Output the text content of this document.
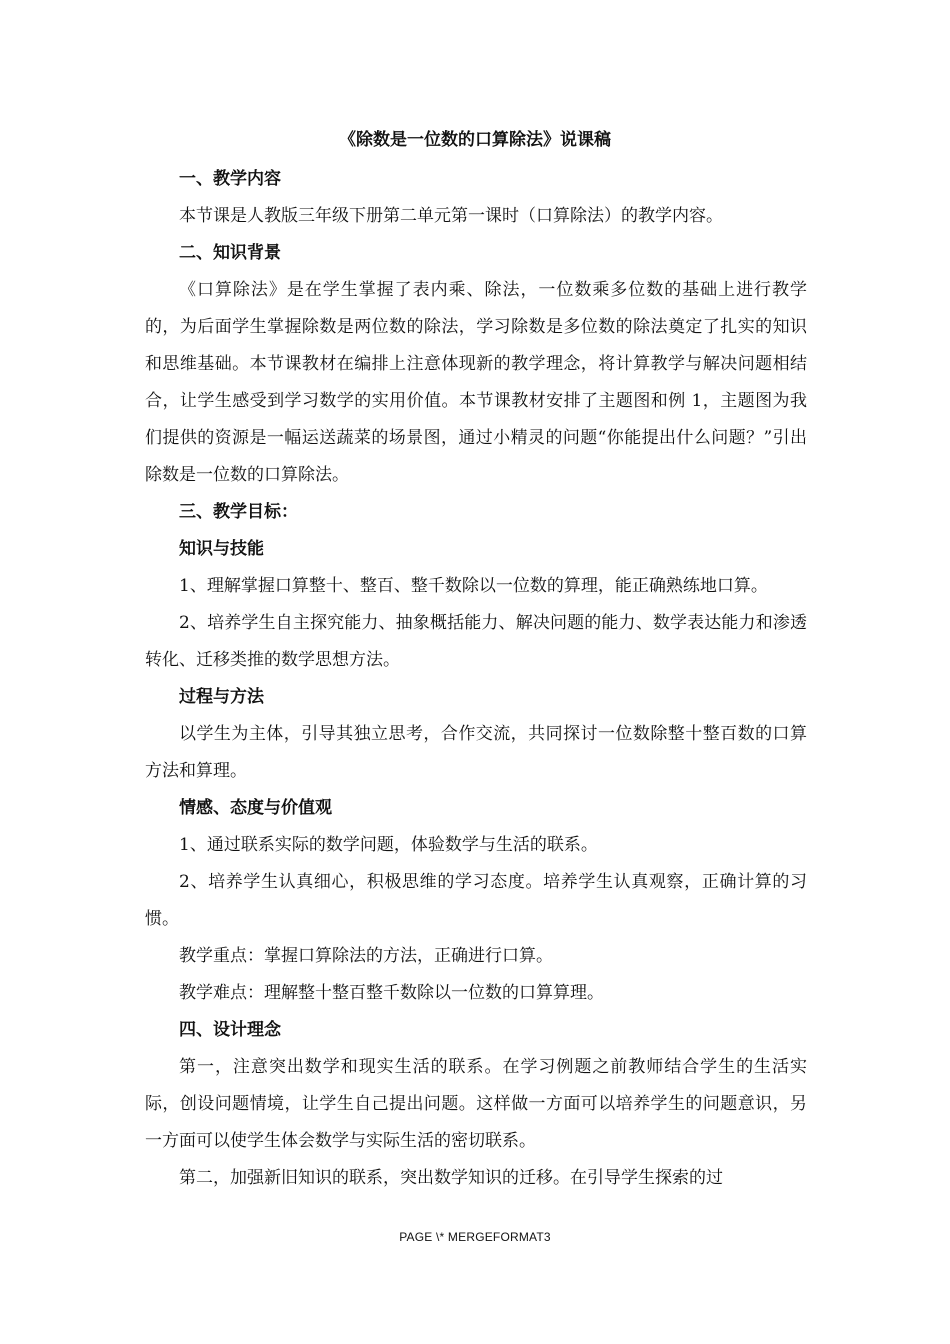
《除数是一位数的口算除法》说课稿
一、教学内容

本节课是人教版三年级下册第二单元第一课时（口算除法）的教学内容。

二、知识背景

《口算除法》是在学生掌握了表内乘、除法，一位数乘多位数的基础上进行教学的，为后面学生掌握除数是两位数的除法，学习除数是多位数的除法奠定了扎实的知识和思维基础。本节课教材在编排上注意体现新的教学理念，将计算教学与解决问题相结合，让学生感受到学习数学的实用价值。本节课教材安排了主题图和例 1，主题图为我们提供的资源是一幅运送蔬菜的场景图，通过小精灵的问题“你能提出什么问题？”引出除数是一位数的口算除法。

三、教学目标：
知识与技能

1、理解掌握口算整十、整百、整千数除以一位数的算理，能正确熟练地口算。

2、培养学生自主探究能力、抽象概括能力、解决问题的能力、数学表达能力和渗透转化、迁移类推的数学思想方法。

过程与方法

以学生为主体，引导其独立思考，合作交流，共同探讨一位数除整十整百数的口算方法和算理。

情感、态度与价值观

1、通过联系实际的数学问题，体验数学与生活的联系。

2、培养学生认真细心，积极思维的学习态度。培养学生认真观察，正确计算的习惯。

教学重点：掌握口算除法的方法，正确进行口算。

教学难点：理解整十整百整千数除以一位数的口算算理。

四、设计理念

第一，注意突出数学和现实生活的联系。在学习例题之前教师结合学生的生活实际，创设问题情境，让学生自己提出问题。这样做一方面可以培养学生的问题意识，另一方面可以使学生体会数学与实际生活的密切联系。

第二，加强新旧知识的联系，突出数学知识的迁移。在引导学生探索的过

PAGE \* MERGEFORMAT3
